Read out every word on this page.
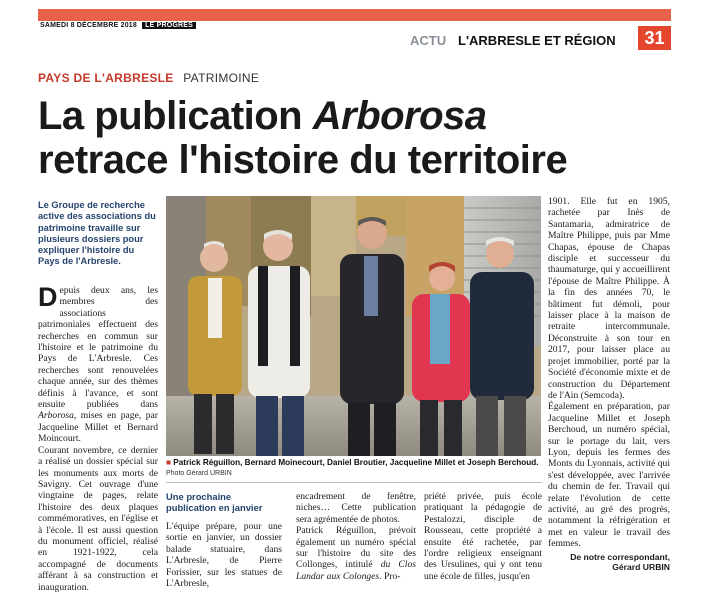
SAMEDI 8 DÉCEMBRE 2018 LE PROGRÈS
ACTU L'ARBRESLE ET RÉGION	31
PAYS DE L'ARBRESLE PATRIMOINE
La publication Arborosa
retrace l'histoire du territoire
Le Groupe de recherche active des associations du patrimoine travaille sur plusieurs dossiers pour expliquer l'histoire du Pays de l'Arbresle.

Depuis deux ans, les membres des associations patrimoniales effectuent des recherches en commun sur l'histoire et le patrimoine du Pays de L'Arbresle. Ces recherches sont renouvelées chaque année, sur des thèmes définis à l'avance, et sont ensuite publiées dans Arborosa, mises en page, par Jacqueline Millet et Bernard Moincourt.

Courant novembre, ce dernier a réalisé un dossier spécial sur les monuments aux morts de Savigny. Cet ouvrage d'une vingtaine de pages, relate l'histoire des deux plaques commémoratives, en l'église et à l'école. Il est aussi question du monument officiel, réalisé en 1921-1922, cela accompagné de documents afférant à sa construction et inauguration.

■ Patrick Réguillon, Bernard Moinecourt, Daniel Broutier, Jacqueline Millet et Joseph Berchoud. Photo Gérard URBIN
Une prochaine publication en janvier

L'équipe prépare, pour une sortie en janvier, un dossier balade statuaire, dans L'Arbresle, de Pierre Forissier, sur les statues de L'Arbresle,

encadrement de fenêtre, niches… Cette publication sera agrémentée de photos.

Patrick Réguillon, prévoit également un numéro spécial sur l'histoire du site des Collonges, intitulé du Clos Landar aux Colonges. Pro-

priété privée, puis école pratiquant la pédagogie de Pestalozzi, disciple de Rousseau, cette propriété a ensuite été rachetée, par l'ordre religieux enseignant des Ursulines, qui y ont tenu une école de filles, jusqu'en

1901. Elle fut en 1905, rachetée par Inès de Santamaria, admiratrice de Maître Philippe, puis par Mme Chapas, épouse de Chapas disciple et successeur du thaumaturge, qui y accueillirent l'épouse de Maître Philippe. À la fin des années 70, le bâtiment fut démoli, pour laisser place à la maison de retraite intercommunale. Déconstruite à son tour en 2017, pour laisser place au projet immobilier, porté par la Société d'économie mixte et de construction du Département de l'Ain (Semcoda).

Également en préparation, par Jacqueline Millet et Joseph Berchoud, un numéro spécial, sur le portage du lait, vers Lyon, depuis les fermes des Monts du Lyonnais, activité qui s'est développée, avec l'arrivée du chemin de fer. Travail qui relate l'évolution de cette activité, au gré des progrès, notamment la réfrigération et met en valeur le travail des femmes.

De notre correspondant,
Gérard URBIN
